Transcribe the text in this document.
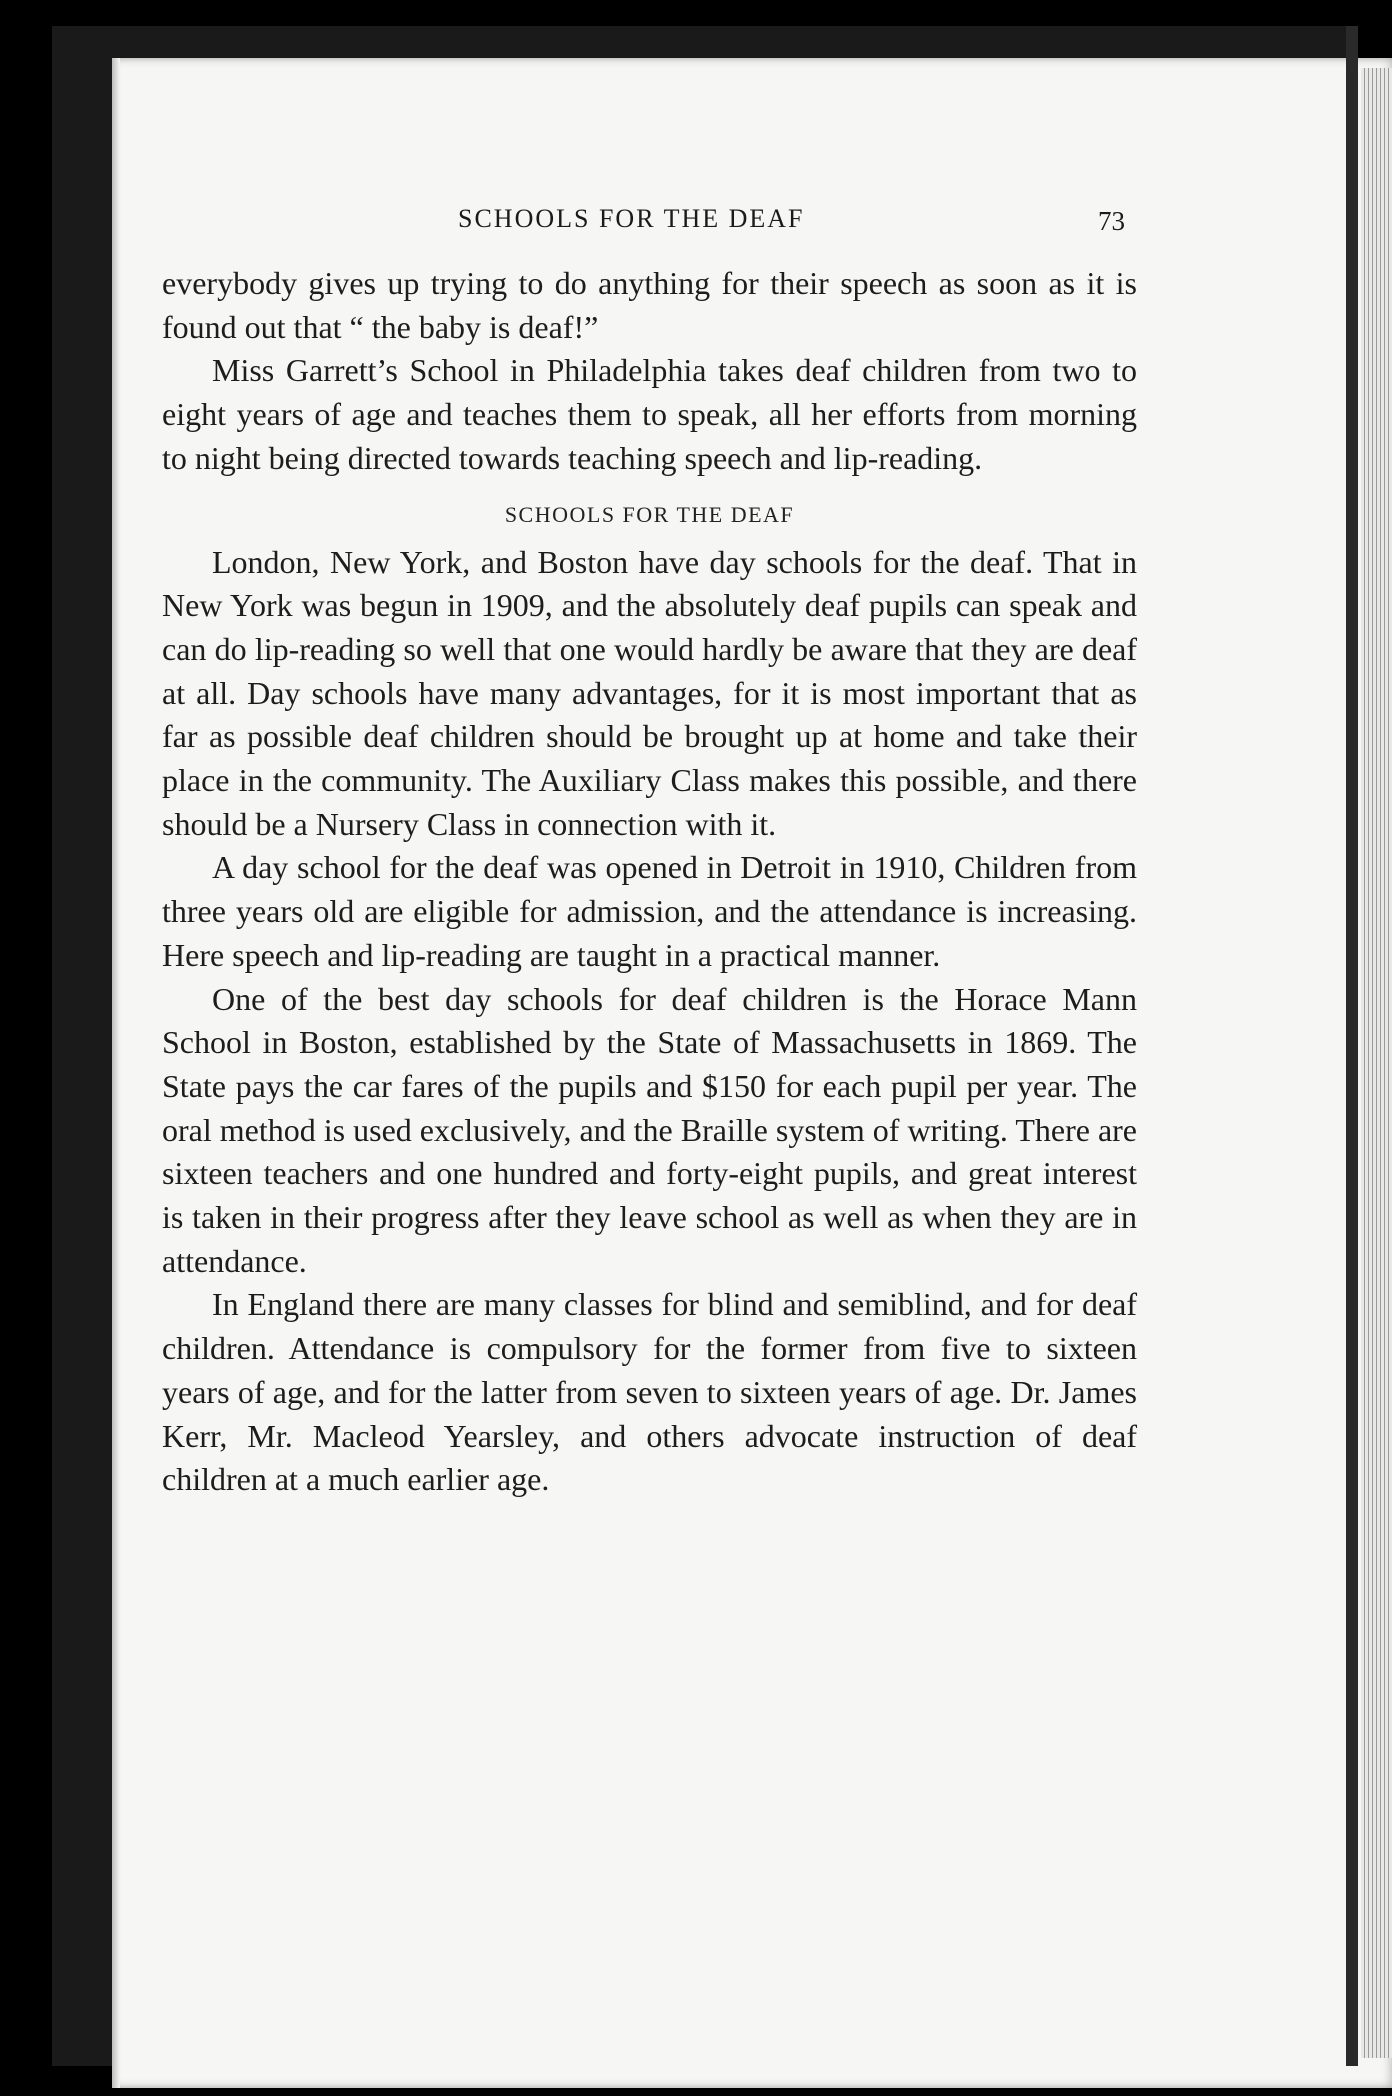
SCHOOLS FOR THE DEAF	73

everybody gives up trying to do anything for their speech as soon as it is found out that “ the baby is deaf!”

Miss Garrett’s School in Philadelphia takes deaf children from two to eight years of age and teaches them to speak, all her efforts from morning to night being directed towards teaching speech and lip-reading.

SCHOOLS FOR THE DEAF

London, New York, and Boston have day schools for the deaf. That in New York was begun in 1909, and the absolutely deaf pupils can speak and can do lip-reading so well that one would hardly be aware that they are deaf at all. Day schools have many advantages, for it is most important that as far as possible deaf children should be brought up at home and take their place in the community. The Auxiliary Class makes this possible, and there should be a Nursery Class in connection with it.

A day school for the deaf was opened in Detroit in 1910, Children from three years old are eligible for admission, and the attendance is increasing. Here speech and lip-reading are taught in a practical manner.

One of the best day schools for deaf children is the Horace Mann School in Boston, established by the State of Massachusetts in 1869. The State pays the car fares of the pupils and $150 for each pupil per year. The oral method is used exclusively, and the Braille system of writing. There are sixteen teachers and one hundred and forty-eight pupils, and great interest is taken in their progress after they leave school as well as when they are in attendance.

In England there are many classes for blind and semiblind, and for deaf children. Attendance is compulsory for the former from five to sixteen years of age, and for the latter from seven to sixteen years of age. Dr. James Kerr, Mr. Macleod Yearsley, and others advocate instruction of deaf children at a much earlier age.
